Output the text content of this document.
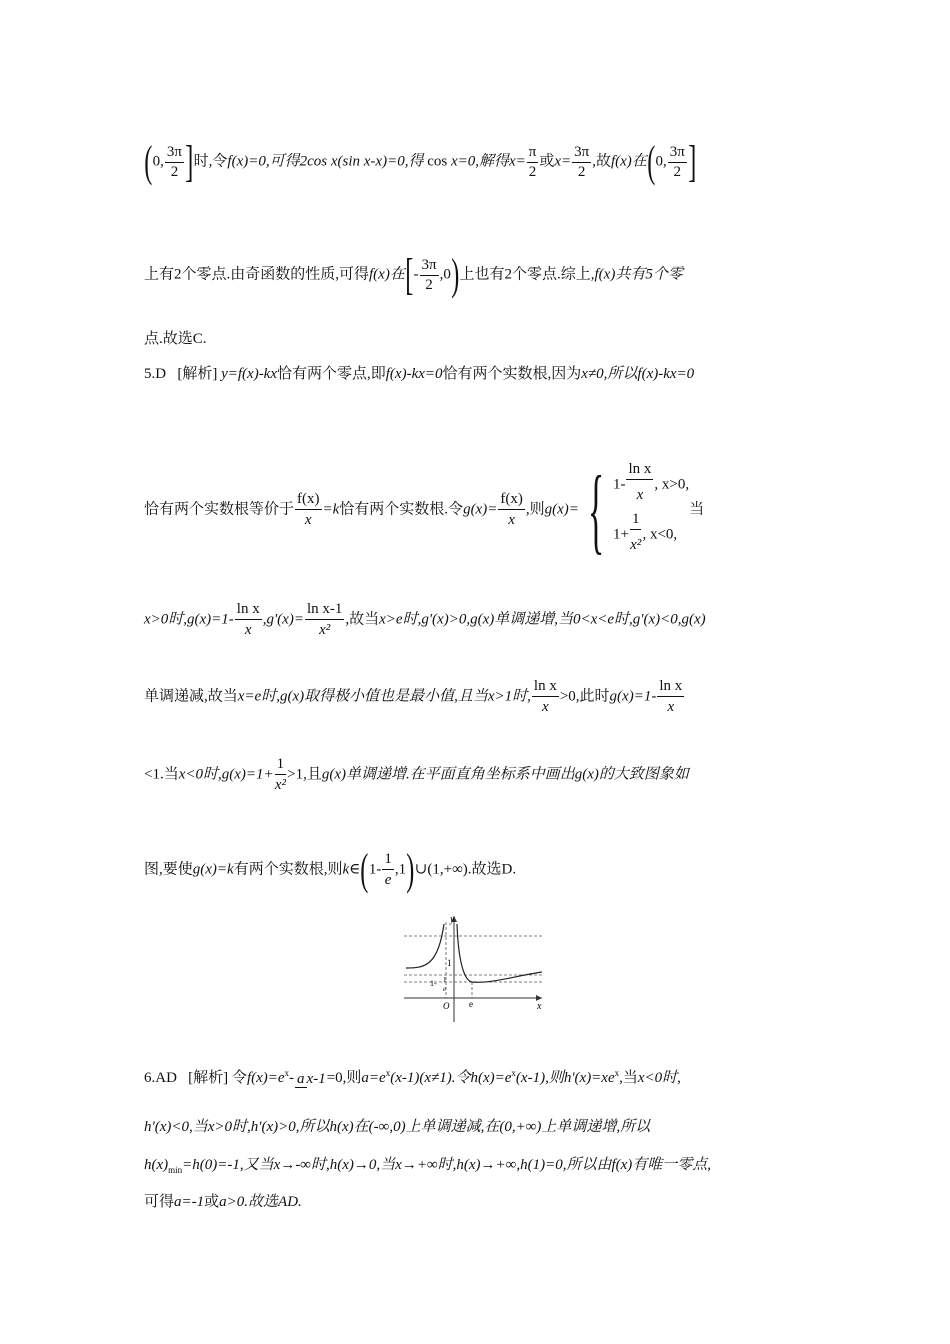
(0, $\frac{3\pi}{2}$ ]时,令f(x)=0,可得2cos x(sin x-x)=0,得 cos x=0,解得$x= \frac{\pi}{2}$ 或$x= \frac{3\pi}{2}$ ,故f(x)在(0, $\frac{3\pi}{2}$ ]
上有2个零点.由奇函数的性质,可得f(x)在[- $\frac{3\pi}{2} ,0$)上也有2个零点.综上,f(x)共有5个零
点.故选C.
5.D [解析] y=f(x)-kx恰有两个零点,即f(x)-kx=0恰有两个实数根,因为x≠0,所以f(x)-kx=0
恰有两个实数根等价于 $\frac{f(x)}{x}=k$恰有两个实数根.令$g(x)= \frac{f(x)}{x}$,则g(x)={ $1- \frac{\text{ln x}}{x}$, x>0,
$1+ \frac{1}{\text{x²}}$, x<0,
当
x>0时$,g(x)=1- \frac{\text{ln x}}{x},g'(x)= \frac{\text{ln x-1}}{\text{x²}}$,故当x>e时,g'(x)>0,g(x)单调递增,当0<x<e时,g'(x)<0,g(x)
单调递减,故当x=e时,g(x)取得极小值也是最小值,且当x>1时, $\frac{\text{ln x}}{x}>0$,此时$g(x)=1- \frac{\text{ln x}}{x}$
<1.当x<0时$,g(x)=1+ \frac{1}{\text{x²}}>1$,且g(x)单调递增.在平面直角坐标系中画出g(x)的大致图象如
图,要使g(x)=k有两个实数根,则k∈(1- $\frac{1}{e},1)\cup(1,+\infty)$.故选D.
y
x
1
1- 1
e
O e
6.AD [解析] 令$f(x)=e^x-$ a x-1=0,则$a=e^x(x-1)(x\ne 1)$.令$h(x)=e^x(x-1)$,则$h'(x)=xe^x$,当x<0时,
h'(x)<0,当x>0时,h'(x)>0,所以h(x)在(-∞,0)上单调递减,在(0,+∞)上单调递增,所以
$h(x)_{min}=h(0)=-1$,又当x→-∞时,h(x)→0,当x→+∞时,h(x)→+∞,h(1)=0,所以由f(x)有唯一零点,
可得a=-1或a>0.故选AD.
